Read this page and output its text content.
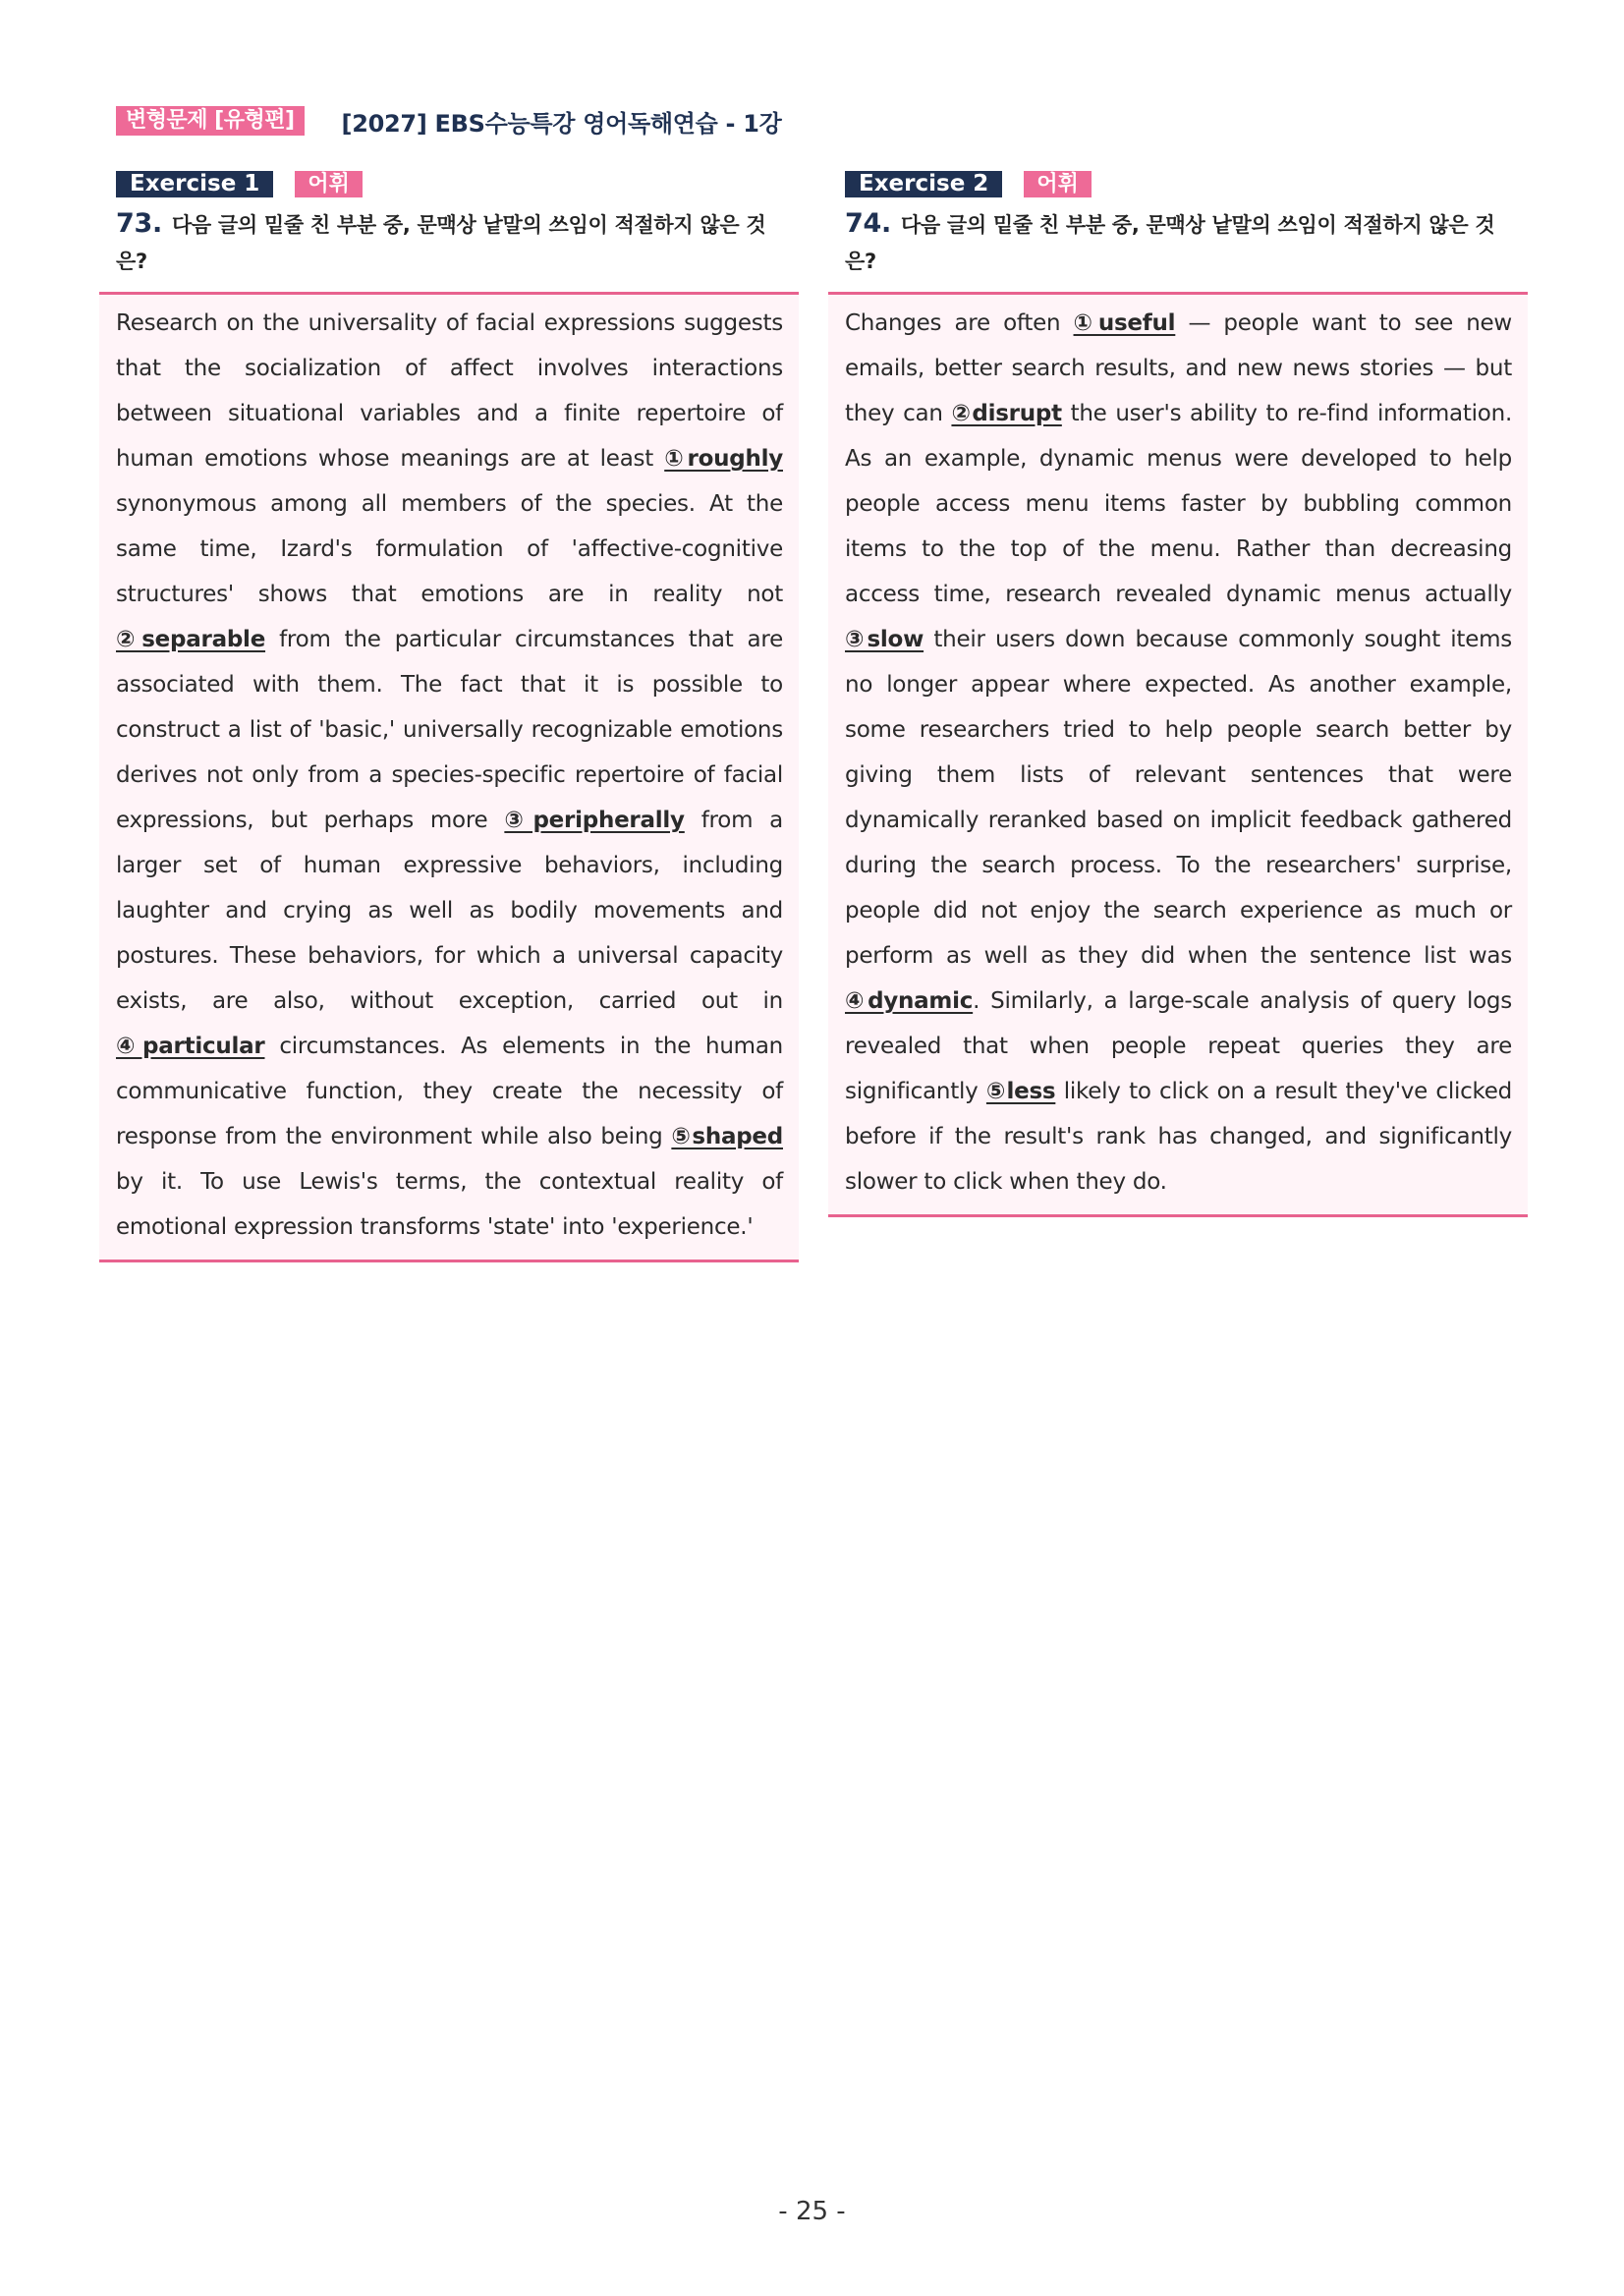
변형문제 [유형편]	[2027] EBS수능특강 영어독해연습 - 1강
Exercise 1	어휘
73. 다음 글의 밑줄 친 부분 중, 문맥상 낱말의 쓰임이 적절하지 않은 것은?
Research on the universality of facial expressions suggests that the socialization of affect involves interactions between situational variables and a finite repertoire of human emotions whose meanings are at least ①roughly synonymous among all members of the species. At the same time, Izard's formulation of 'affective-cognitive structures' shows that emotions are in reality not ②separable from the particular circumstances that are associated with them. The fact that it is possible to construct a list of 'basic,' universally recognizable emotions derives not only from a species-specific repertoire of facial expressions, but perhaps more ③peripherally from a larger set of human expressive behaviors, including laughter and crying as well as bodily movements and postures. These behaviors, for which a universal capacity exists, are also, without exception, carried out in ④particular circumstances. As elements in the human communicative function, they create the necessity of response from the environment while also being ⑤shaped by it. To use Lewis's terms, the contextual reality of emotional expression transforms 'state' into 'experience.'
Exercise 2	어휘
74. 다음 글의 밑줄 친 부분 중, 문맥상 낱말의 쓰임이 적절하지 않은 것은?
Changes are often ①useful — people want to see new emails, better search results, and new news stories — but they can ②disrupt the user's ability to re-find information. As an example, dynamic menus were developed to help people access menu items faster by bubbling common items to the top of the menu. Rather than decreasing access time, research revealed dynamic menus actually ③slow their users down because commonly sought items no longer appear where expected. As another example, some researchers tried to help people search better by giving them lists of relevant sentences that were dynamically reranked based on implicit feedback gathered during the search process. To the researchers' surprise, people did not enjoy the search experience as much or perform as well as they did when the sentence list was ④dynamic. Similarly, a large-scale analysis of query logs revealed that when people repeat queries they are significantly ⑤less likely to click on a result they've clicked before if the result's rank has changed, and significantly slower to click when they do.
- 25 -
